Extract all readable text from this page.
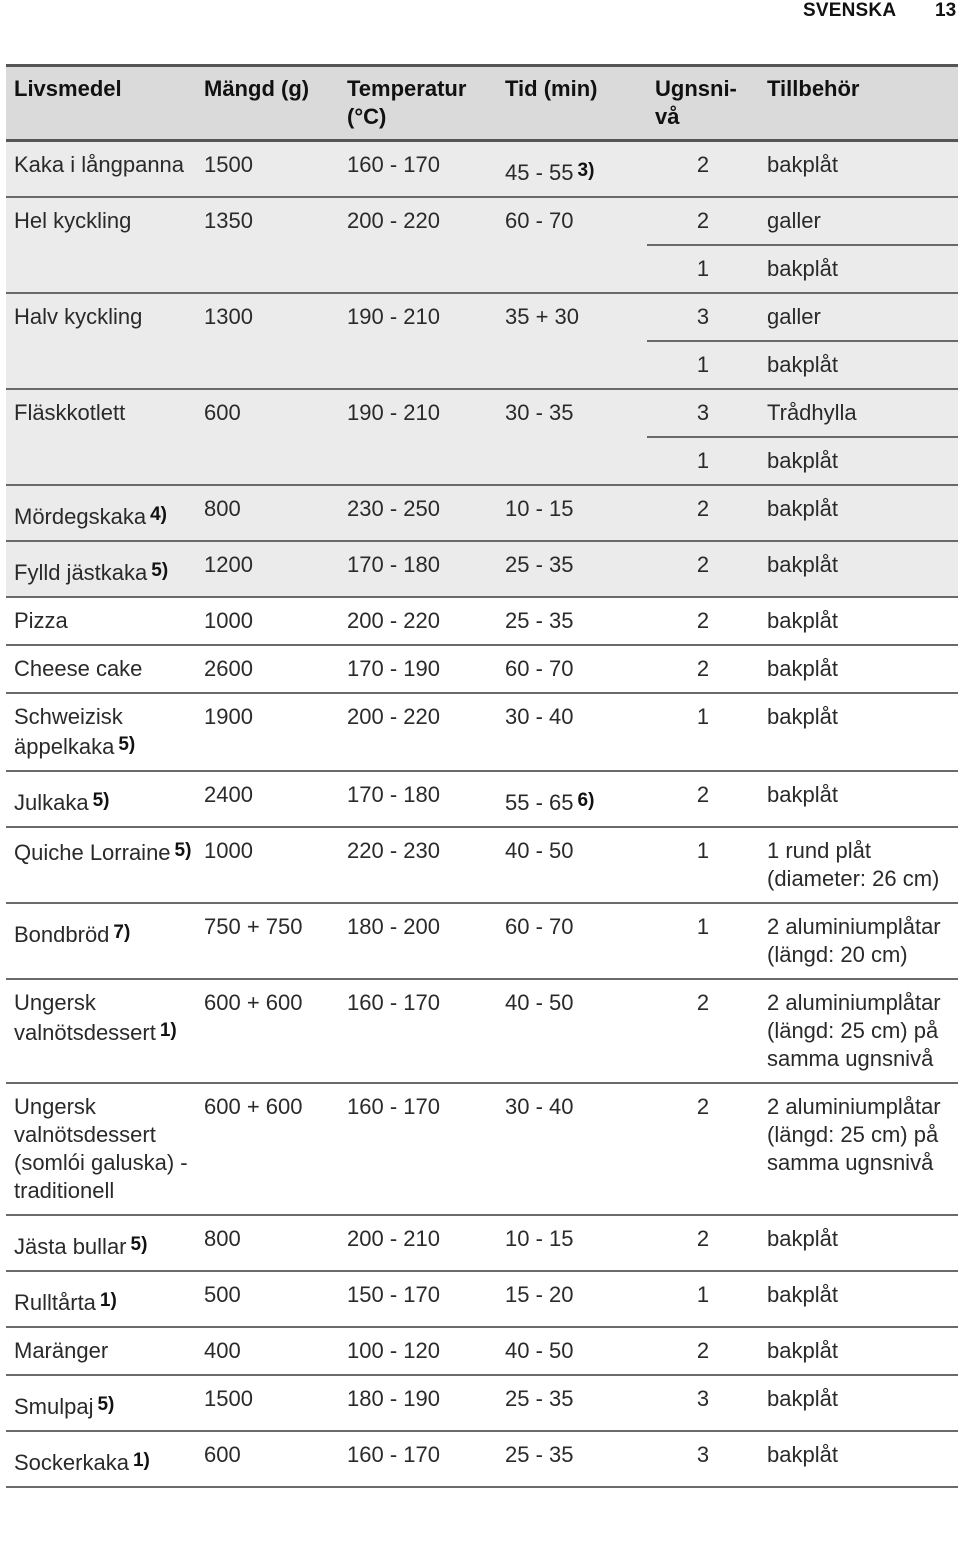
SVENSKA 13
Livsmedel	Mängd (g)	Temperatur (°C)	Tid (min)	Ugnsni-vå	Tillbehör
Kaka i långpanna	1500	160 - 170	45 - 55 3)	2	bakplåt
Hel kyckling	1350	200 - 220	60 - 70	2	galler
				1	bakplåt
Halv kyckling	1300	190 - 210	35 + 30	3	galler
				1	bakplåt
Fläskkotlett	600	190 - 210	30 - 35	3	Trådhylla
				1	bakplåt
Mördegskaka 4)	800	230 - 250	10 - 15	2	bakplåt
Fylld jästkaka 5)	1200	170 - 180	25 - 35	2	bakplåt
Pizza	1000	200 - 220	25 - 35	2	bakplåt
Cheese cake	2600	170 - 190	60 - 70	2	bakplåt
Schweizisk äppelkaka 5)	1900	200 - 220	30 - 40	1	bakplåt
Julkaka 5)	2400	170 - 180	55 - 65 6)	2	bakplåt
Quiche Lorraine 5)	1000	220 - 230	40 - 50	1	1 rund plåt (diameter: 26 cm)
Bondbröd 7)	750 + 750	180 - 200	60 - 70	1	2 aluminiumplåtar (längd: 20 cm)
Ungersk valnötsdessert 1)	600 + 600	160 - 170	40 - 50	2	2 aluminiumplåtar (längd: 25 cm) på samma ugnsnivå
Ungersk valnötsdessert (somlói galuska) - traditionell	600 + 600	160 - 170	30 - 40	2	2 aluminiumplåtar (längd: 25 cm) på samma ugnsnivå
Jästa bullar 5)	800	200 - 210	10 - 15	2	bakplåt
Rulltårta 1)	500	150 - 170	15 - 20	1	bakplåt
Maränger	400	100 - 120	40 - 50	2	bakplåt
Smulpaj 5)	1500	180 - 190	25 - 35	3	bakplåt
Sockerkaka 1)	600	160 - 170	25 - 35	3	bakplåt
